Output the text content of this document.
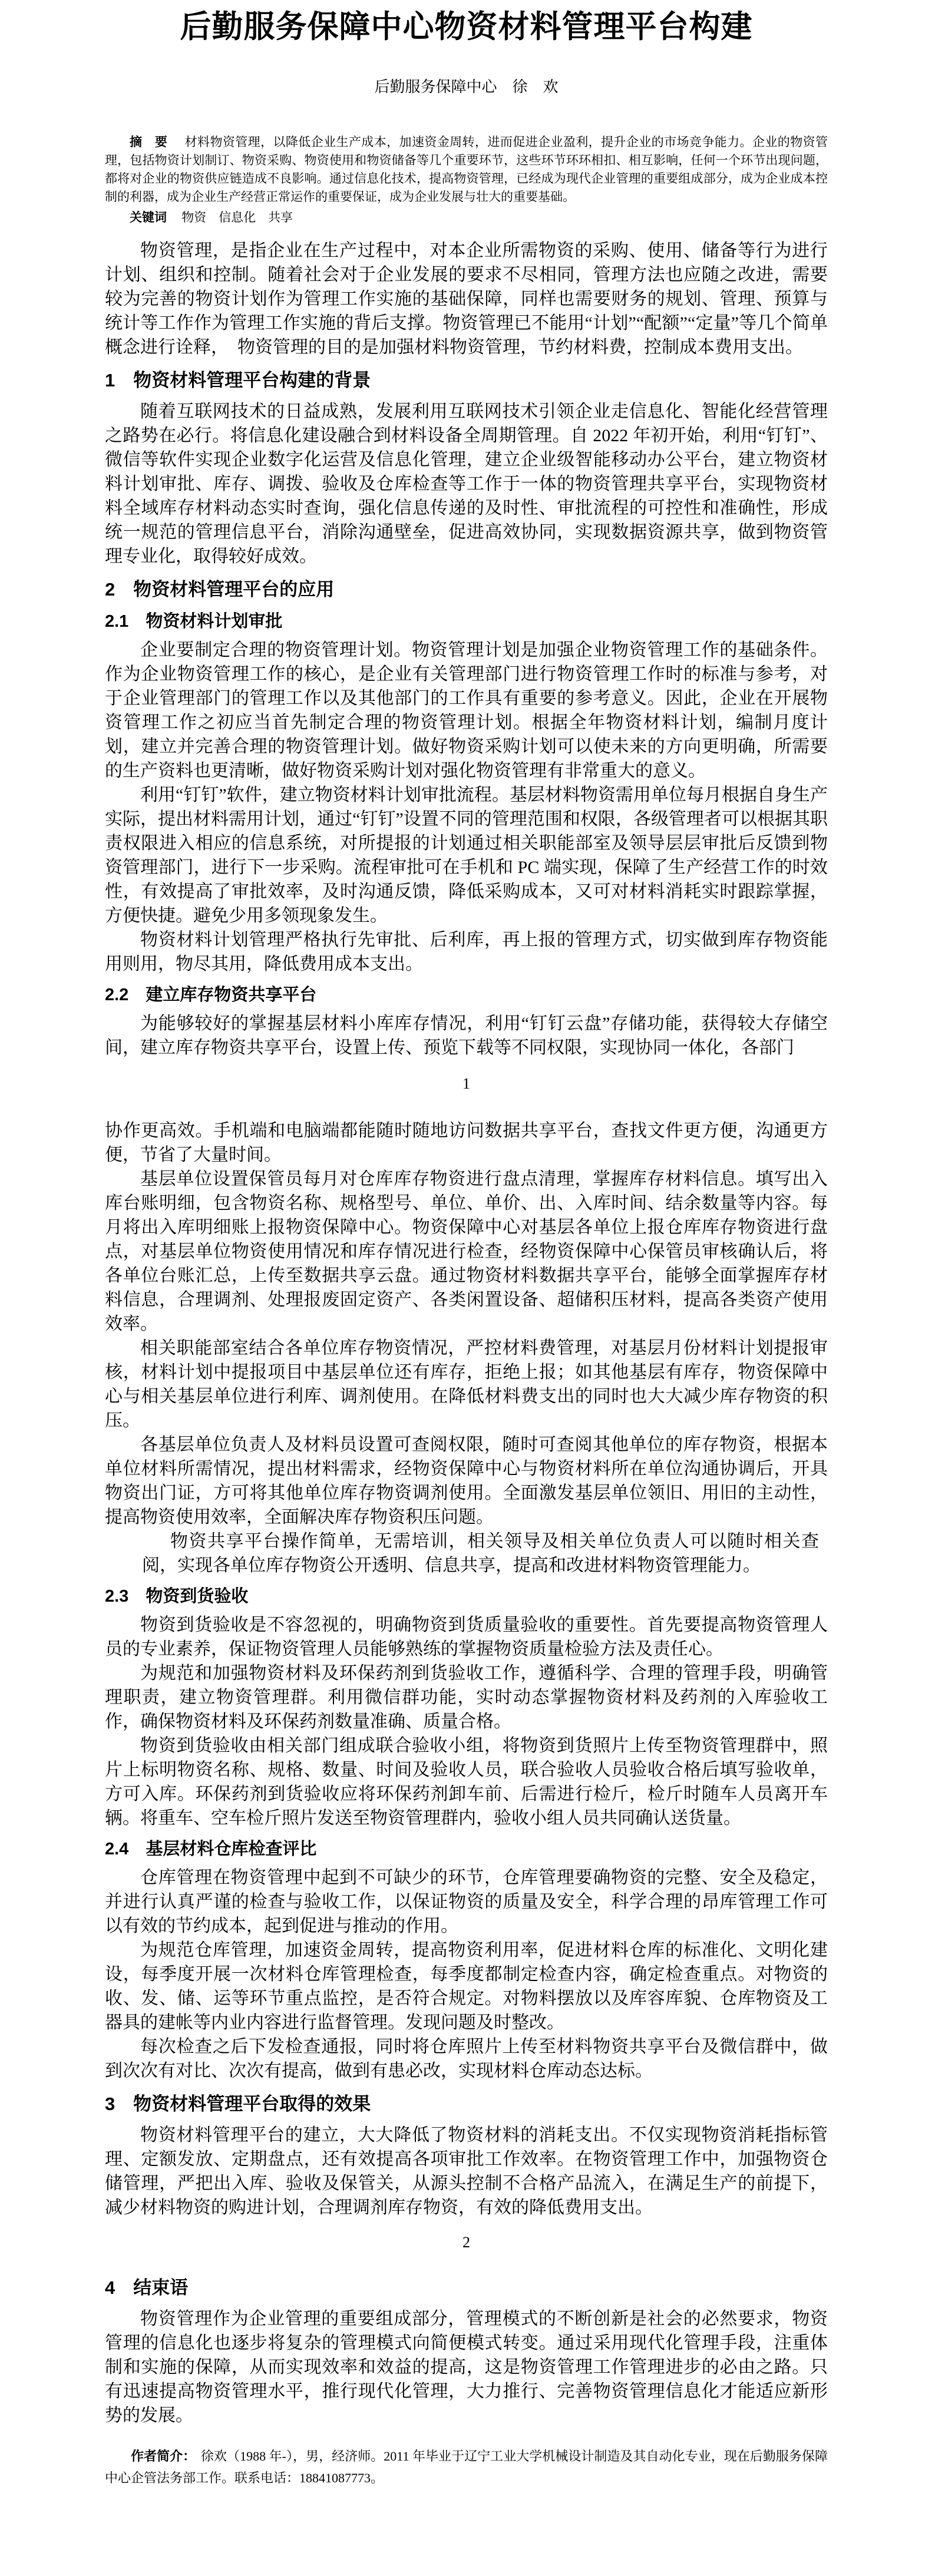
后勤服务保障中心物资材料管理平台构建
后勤服务保障中心　徐　欢
摘　要 材料物资管理，以降低企业生产成本，加速资金周转，进而促进企业盈利，提升企业的市场竞争能力。企业的物资管理，包括物资计划制订、物资采购、物资使用和物资储备等几个重要环节，这些环节环环相扣、相互影响，任何一个环节出现问题，都将对企业的物资供应链造成不良影响。通过信息化技术，提高物资管理，已经成为现代企业管理的重要组成部分，成为企业成本控制的利器，成为企业生产经营正常运作的重要保证，成为企业发展与壮大的重要基础。
关键词 物资　信息化　共享

物资管理，是指企业在生产过程中，对本企业所需物资的采购、使用、储备等行为进行计划、组织和控制。随着社会对于企业发展的要求不尽相同，管理方法也应随之改进，需要较为完善的物资计划作为管理工作实施的基础保障，同样也需要财务的规划、管理、预算与统计等工作作为管理工作实施的背后支撑。物资管理已不能用“计划”“配额”“定量”等几个简单概念进行诠释，　物资管理的目的是加强材料物资管理，节约材料费，控制成本费用支出。

1　物资材料管理平台构建的背景

随着互联网技术的日益成熟，发展利用互联网技术引领企业走信息化、智能化经营管理之路势在必行。将信息化建设融合到材料设备全周期管理。自 2022 年初开始，利用“钉钉”、微信等软件实现企业数字化运营及信息化管理，建立企业级智能移动办公平台，建立物资材料计划审批、库存、调拨、验收及仓库检查等工作于一体的物资管理共享平台，实现物资材料全域库存材料动态实时查询，强化信息传递的及时性、审批流程的可控性和准确性，形成统一规范的管理信息平台，消除沟通壁垒，促进高效协同，实现数据资源共享，做到物资管理专业化，取得较好成效。

2　物资材料管理平台的应用
2.1　物资材料计划审批

企业要制定合理的物资管理计划。物资管理计划是加强企业物资管理工作的基础条件。作为企业物资管理工作的核心，是企业有关管理部门进行物资管理工作时的标准与参考，对于企业管理部门的管理工作以及其他部门的工作具有重要的参考意义。因此，企业在开展物资管理工作之初应当首先制定合理的物资管理计划。根据全年物资材料计划，编制月度计划，建立并完善合理的物资管理计划。做好物资采购计划可以使未来的方向更明确，所需要的生产资料也更清晰，做好物资采购计划对强化物资管理有非常重大的意义。

利用“钉钉”软件，建立物资材料计划审批流程。基层材料物资需用单位每月根据自身生产实际，提出材料需用计划，通过“钉钉”设置不同的管理范围和权限，各级管理者可以根据其职责权限进入相应的信息系统，对所提报的计划通过相关职能部室及领导层层审批后反馈到物资管理部门，进行下一步采购。流程审批可在手机和 PC 端实现，保障了生产经营工作的时效性，有效提高了审批效率，及时沟通反馈，降低采购成本，又可对材料消耗实时跟踪掌握，方便快捷。避免少用多领现象发生。

物资材料计划管理严格执行先审批、后利库，再上报的管理方式，切实做到库存物资能用则用，物尽其用，降低费用成本支出。

2.2　建立库存物资共享平台

为能够较好的掌握基层材料小库库存情况，利用“钉钉云盘”存储功能，获得较大存储空间，建立库存物资共享平台，设置上传、预览下载等不同权限，实现协同一体化，各部门

1

协作更高效。手机端和电脑端都能随时随地访问数据共享平台，查找文件更方便，沟通更方便，节省了大量时间。

基层单位设置保管员每月对仓库库存物资进行盘点清理，掌握库存材料信息。填写出入库台账明细，包含物资名称、规格型号、单位、单价、出、入库时间、结余数量等内容。每月将出入库明细账上报物资保障中心。物资保障中心对基层各单位上报仓库库存物资进行盘点，对基层单位物资使用情况和库存情况进行检查，经物资保障中心保管员审核确认后，将各单位台账汇总，上传至数据共享云盘。通过物资材料数据共享平台，能够全面掌握库存材料信息，合理调剂、处理报废固定资产、各类闲置设备、超储积压材料，提高各类资产使用效率。

相关职能部室结合各单位库存物资情况，严控材料费管理，对基层月份材料计划提报审核，材料计划中提报项目中基层单位还有库存，拒绝上报；如其他基层有库存，物资保障中心与相关基层单位进行利库、调剂使用。在降低材料费支出的同时也大大减少库存物资的积压。

各基层单位负责人及材料员设置可查阅权限，随时可查阅其他单位的库存物资，根据本单位材料所需情况，提出材料需求，经物资保障中心与物资材料所在单位沟通协调后，开具物资出门证，方可将其他单位库存物资调剂使用。全面激发基层单位领旧、用旧的主动性，提高物资使用效率，全面解决库存物资积压问题。

物资共享平台操作简单，无需培训，相关领导及相关单位负责人可以随时相关查阅，实现各单位库存物资公开透明、信息共享，提高和改进材料物资管理能力。

2.3　物资到货验收

物资到货验收是不容忽视的，明确物资到货质量验收的重要性。首先要提高物资管理人员的专业素养，保证物资管理人员能够熟练的掌握物资质量检验方法及责任心。

为规范和加强物资材料及环保药剂到货验收工作，遵循科学、合理的管理手段，明确管理职责，建立物资管理群。利用微信群功能，实时动态掌握物资材料及药剂的入库验收工作，确保物资材料及环保药剂数量准确、质量合格。

物资到货验收由相关部门组成联合验收小组，将物资到货照片上传至物资管理群中，照片上标明物资名称、规格、数量、时间及验收人员，联合验收人员验收合格后填写验收单，方可入库。环保药剂到货验收应将环保药剂卸车前、后需进行检斤，检斤时随车人员离开车辆。将重车、空车检斤照片发送至物资管理群内，验收小组人员共同确认送货量。

2.4　基层材料仓库检查评比

仓库管理在物资管理中起到不可缺少的环节，仓库管理要确物资的完整、安全及稳定，并进行认真严谨的检查与验收工作，以保证物资的质量及安全，科学合理的昂库管理工作可以有效的节约成本，起到促进与推动的作用。

为规范仓库管理，加速资金周转，提高物资利用率，促进材料仓库的标准化、文明化建设，每季度开展一次材料仓库管理检查，每季度都制定检查内容，确定检查重点。对物资的收、发、储、运等环节重点监控，是否符合规定。对物料摆放以及库容库貌、仓库物资及工器具的建帐等内业内容进行监督管理。发现问题及时整改。

每次检查之后下发检查通报，同时将仓库照片上传至材料物资共享平台及微信群中，做到次次有对比、次次有提高，做到有患必改，实现材料仓库动态达标。

3　物资材料管理平台取得的效果

物资材料管理平台的建立，大大降低了物资材料的消耗支出。不仅实现物资消耗指标管理、定额发放、定期盘点，还有效提高各项审批工作效率。在物资管理工作中，加强物资仓储管理，严把出入库、验收及保管关，从源头控制不合格产品流入，在满足生产的前提下，减少材料物资的购进计划，合理调剂库存物资，有效的降低费用支出。

2
4　结束语

物资管理作为企业管理的重要组成部分，管理模式的不断创新是社会的必然要求，物资管理的信息化也逐步将复杂的管理模式向简便模式转变。通过采用现代化管理手段，注重体制和实施的保障，从而实现效率和效益的提高，这是物资管理工作管理进步的必由之路。只有迅速提高物资管理水平，推行现代化管理，大力推行、完善物资管理信息化才能适应新形势的发展。

作者简介： 徐欢（1988 年-），男，经济师。2011 年毕业于辽宁工业大学机械设计制造及其自动化专业，现在后勤服务保障中心企管法务部工作。联系电话：18841087773。
